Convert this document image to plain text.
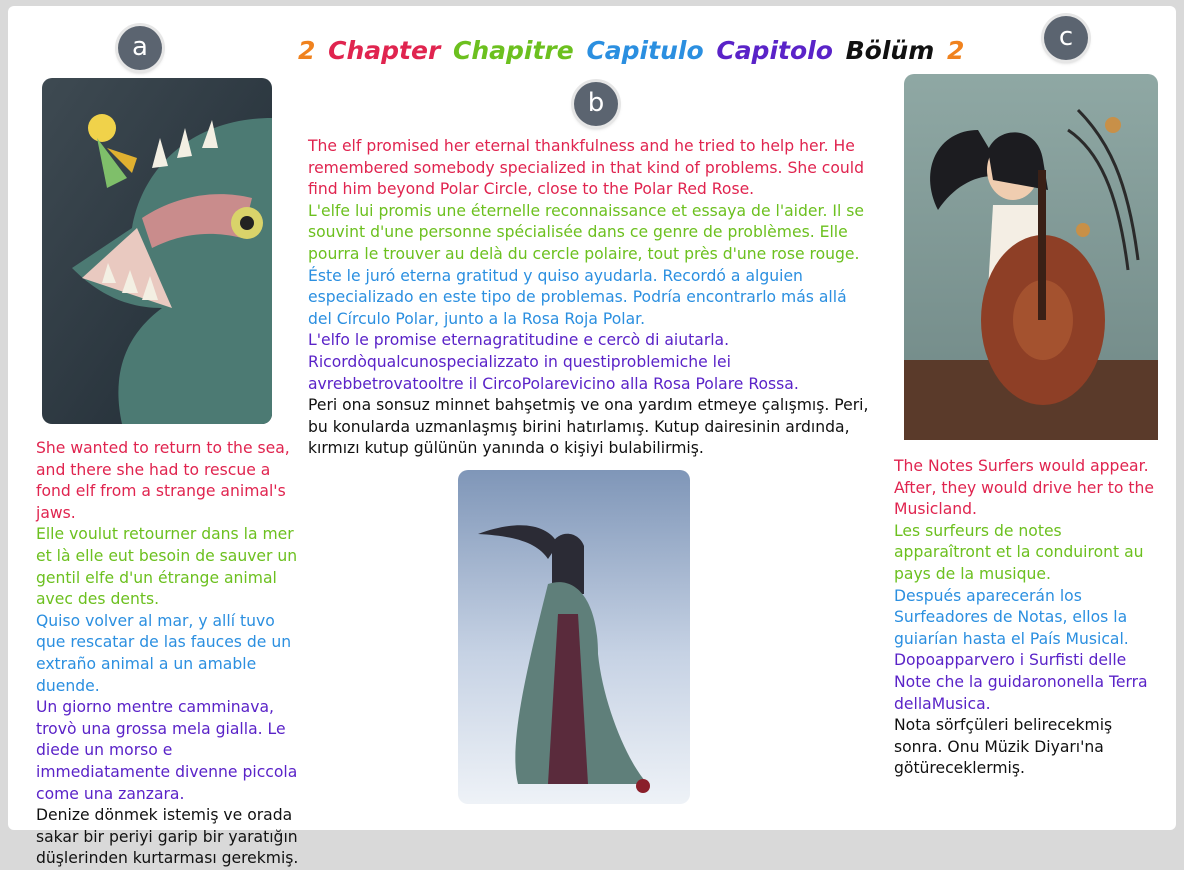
2 Chapter Chapitre Capitulo Capitolo Bölüm 2
a
b
c

She wanted to return to the sea, and there she had to rescue a fond elf from a strange animal's jaws.

Elle voulut retourner dans la mer et là elle eut besoin de sauver un gentil elfe d'un étrange animal avec des dents.

Quiso volver al mar, y allí tuvo que rescatar de las fauces de un extraño animal a un amable duende.

Un giorno mentre camminava, trovò una grossa mela gialla. Le diede un morso e immediatamente divenne piccola come una zanzara.

Denize dönmek istemiş ve orada sakar bir periyi garip bir yaratığın düşlerinden kurtarması gerekmiş.

The elf promised her eternal thankfulness and he tried to help her. He remembered somebody specialized in that kind of problems. She could find him beyond Polar Circle, close to the Polar Red Rose.

L'elfe lui promis une éternelle reconnaissance et essaya de l'aider. Il se souvint d'une personne spécialisée dans ce genre de problèmes. Elle pourra le trouver au delà du cercle polaire, tout près d'une rose rouge.

Éste le juró eterna gratitud y quiso ayudarla. Recordó a alguien especializado en este tipo de problemas. Podría encontrarlo más allá del Círculo Polar, junto a la Rosa Roja Polar.

L'elfo le promise eternagratitudine e cercò di aiutarla. Ricordòqualcunospecializzato in questiproblemiche lei avrebbetrovatooltre il CircoPolarevicino alla Rosa Polare Rossa.

Peri ona sonsuz minnet bahşetmiş ve ona yardım etmeye çalışmış. Peri, bu konularda uzmanlaşmış birini hatırlamış. Kutup dairesinin ardında, kırmızı kutup gülünün yanında o kişiyi bulabilirmiş.

The Notes Surfers would appear. After, they would drive her to the Musicland.

Les surfeurs de notes apparaîtront et la conduiront au pays de la musique.

Después aparecerán los Surfeadores de Notas, ellos la guiarían hasta el País Musical.

Dopoapparvero i Surfisti delle Note che la guidarononella Terra dellaMusica.

Nota sörfçüleri belirecekmiş sonra. Onu Müzik Diyarı'na götüreceklermiş.
